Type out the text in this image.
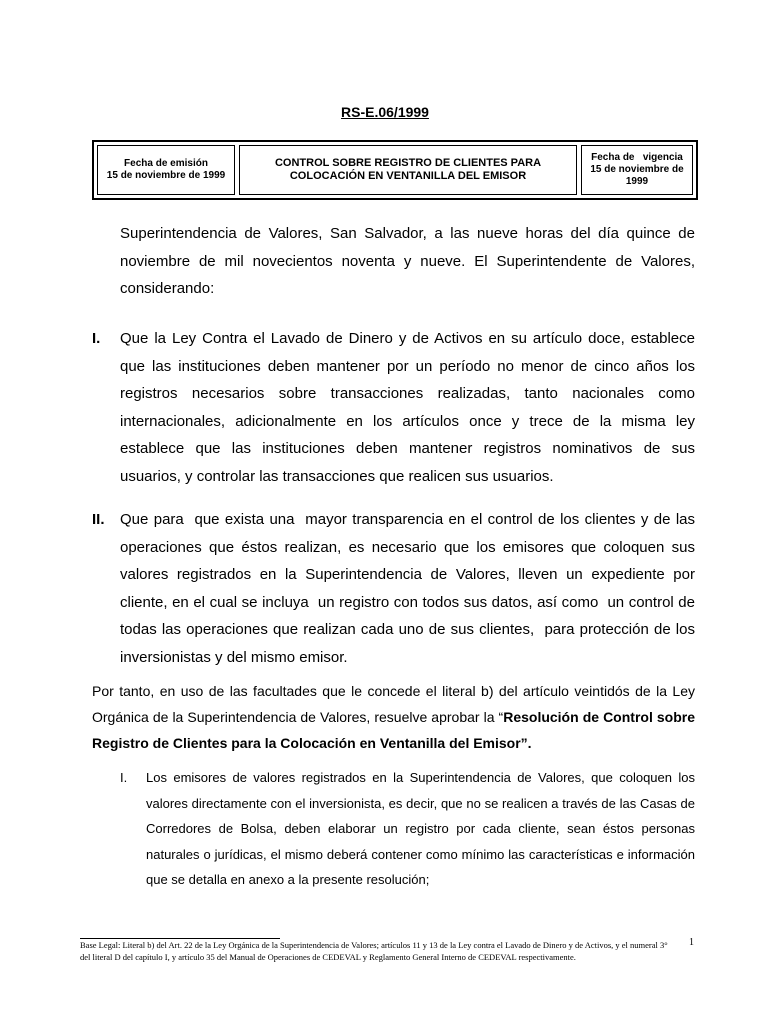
RS-E.06/1999
Fecha de emisión
15 de noviembre de 1999
CONTROL SOBRE REGISTRO DE CLIENTES PARA
COLOCACIÓN EN VENTANILLA DEL EMISOR
Fecha de   vigencia
15 de noviembre de 1999
Superintendencia de Valores, San Salvador, a las nueve horas del día quince de noviembre de mil novecientos noventa y nueve. El Superintendente de Valores, considerando:
I. Que la Ley Contra el Lavado de Dinero y de Activos en su artículo doce, establece que las instituciones deben mantener por un período no menor de cinco años los registros necesarios sobre transacciones realizadas, tanto nacionales como internacionales, adicionalmente en los artículos once y trece de la misma ley establece que las instituciones deben mantener registros nominativos de sus usuarios, y controlar las transacciones que realicen sus usuarios.
II. Que para  que exista una  mayor transparencia en el control de los clientes y de las operaciones que éstos realizan, es necesario que los emisores que coloquen sus valores registrados en la Superintendencia de Valores, lleven un expediente por cliente, en el cual se incluya  un registro con todos sus datos, así como  un control de todas las operaciones que realizan cada uno de sus clientes,  para protección de los inversionistas y del mismo emisor.
Por tanto, en uso de las facultades que le concede el literal b) del artículo veintidós de la Ley Orgánica de la Superintendencia de Valores, resuelve aprobar la “Resolución de Control sobre Registro de Clientes para la Colocación en Ventanilla del Emisor”.
I. Los emisores de valores registrados en la Superintendencia de Valores, que coloquen los valores directamente con el inversionista, es decir, que no se realicen a través de las Casas de Corredores de Bolsa, deben elaborar un registro por cada cliente, sean éstos personas naturales o jurídicas, el mismo deberá contener como mínimo las características e información que se detalla en anexo a la presente resolución;
Base Legal: Literal b) del Art. 22 de la Ley Orgánica de la Superintendencia de Valores; artículos 11 y 13 de la Ley contra el Lavado de Dinero y de Activos, y el numeral 3° del literal D del capítulo I, y artículo 35 del Manual de Operaciones de CEDEVAL y Reglamento General Interno de CEDEVAL respectivamente.
1
